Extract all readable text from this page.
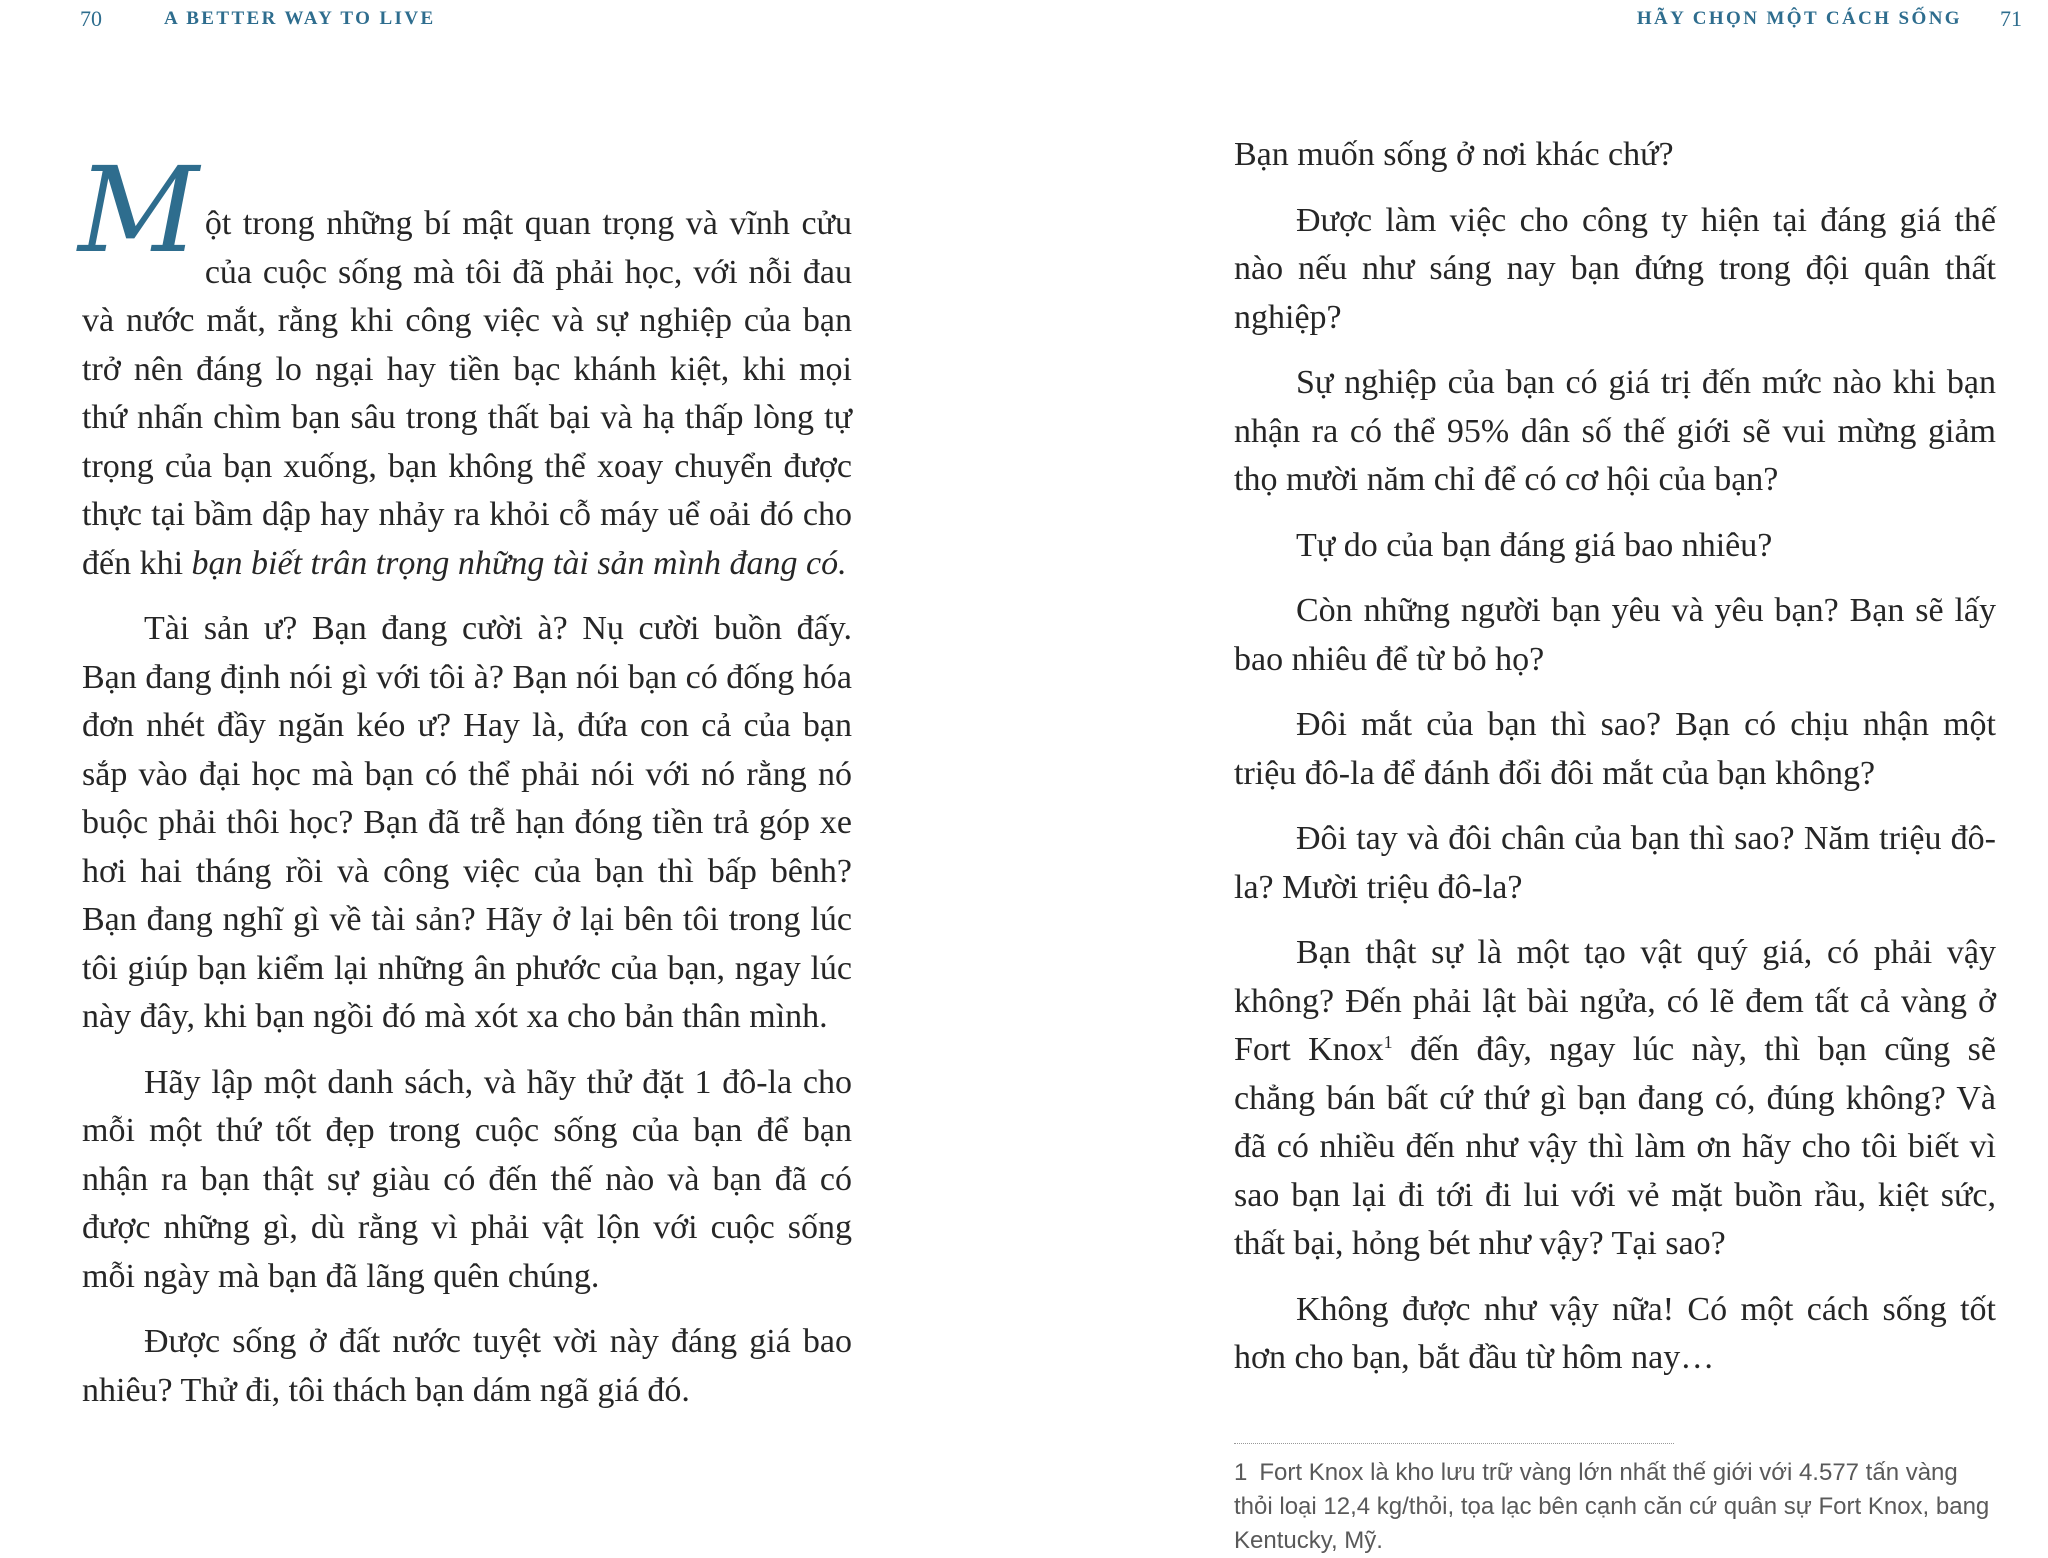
70	A BETTER WAY TO LIVE

Một trong những bí mật quan trọng và vĩnh cửu của cuộc sống mà tôi đã phải học, với nỗi đau và nước mắt, rằng khi công việc và sự nghiệp của bạn trở nên đáng lo ngại hay tiền bạc khánh kiệt, khi mọi thứ nhấn chìm bạn sâu trong thất bại và hạ thấp lòng tự trọng của bạn xuống, bạn không thể xoay chuyển được thực tại bầm dập hay nhảy ra khỏi cỗ máy uể oải đó cho đến khi bạn biết trân trọng những tài sản mình đang có.

Tài sản ư? Bạn đang cười à? Nụ cười buồn đấy. Bạn đang định nói gì với tôi à? Bạn nói bạn có đống hóa đơn nhét đầy ngăn kéo ư? Hay là, đứa con cả của bạn sắp vào đại học mà bạn có thể phải nói với nó rằng nó buộc phải thôi học? Bạn đã trễ hạn đóng tiền trả góp xe hơi hai tháng rồi và công việc của bạn thì bấp bênh? Bạn đang nghĩ gì về tài sản? Hãy ở lại bên tôi trong lúc tôi giúp bạn kiểm lại những ân phước của bạn, ngay lúc này đây, khi bạn ngồi đó mà xót xa cho bản thân mình.

Hãy lập một danh sách, và hãy thử đặt 1 đô-la cho mỗi một thứ tốt đẹp trong cuộc sống của bạn để bạn nhận ra bạn thật sự giàu có đến thế nào và bạn đã có được những gì, dù rằng vì phải vật lộn với cuộc sống mỗi ngày mà bạn đã lãng quên chúng.

Được sống ở đất nước tuyệt vời này đáng giá bao nhiêu? Thử đi, tôi thách bạn dám ngã giá đó.

HÃY CHỌN MỘT CÁCH SỐNG 71

Bạn muốn sống ở nơi khác chứ?

Được làm việc cho công ty hiện tại đáng giá thế nào nếu như sáng nay bạn đứng trong đội quân thất nghiệp?

Sự nghiệp của bạn có giá trị đến mức nào khi bạn nhận ra có thể 95% dân số thế giới sẽ vui mừng giảm thọ mười năm chỉ để có cơ hội của bạn?

Tự do của bạn đáng giá bao nhiêu?

Còn những người bạn yêu và yêu bạn? Bạn sẽ lấy bao nhiêu để từ bỏ họ?

Đôi mắt của bạn thì sao? Bạn có chịu nhận một triệu đô-la để đánh đổi đôi mắt của bạn không?

Đôi tay và đôi chân của bạn thì sao? Năm triệu đô-la? Mười triệu đô-la?

Bạn thật sự là một tạo vật quý giá, có phải vậy không? Đến phải lật bài ngửa, có lẽ đem tất cả vàng ở Fort Knox$^1$ đến đây, ngay lúc này, thì bạn cũng sẽ chẳng bán bất cứ thứ gì bạn đang có, đúng không? Và đã có nhiều đến như vậy thì làm ơn hãy cho tôi biết vì sao bạn lại đi tới đi lui với vẻ mặt buồn rầu, kiệt sức, thất bại, hỏng bét như vậy? Tại sao?

Không được như vậy nữa! Có một cách sống tốt hơn cho bạn, bắt đầu từ hôm nay…

1 Fort Knox là kho lưu trữ vàng lớn nhất thế giới với 4.577 tấn vàng thỏi loại 12,4 kg/thỏi, tọa lạc bên cạnh căn cứ quân sự Fort Knox, bang Kentucky, Mỹ.
